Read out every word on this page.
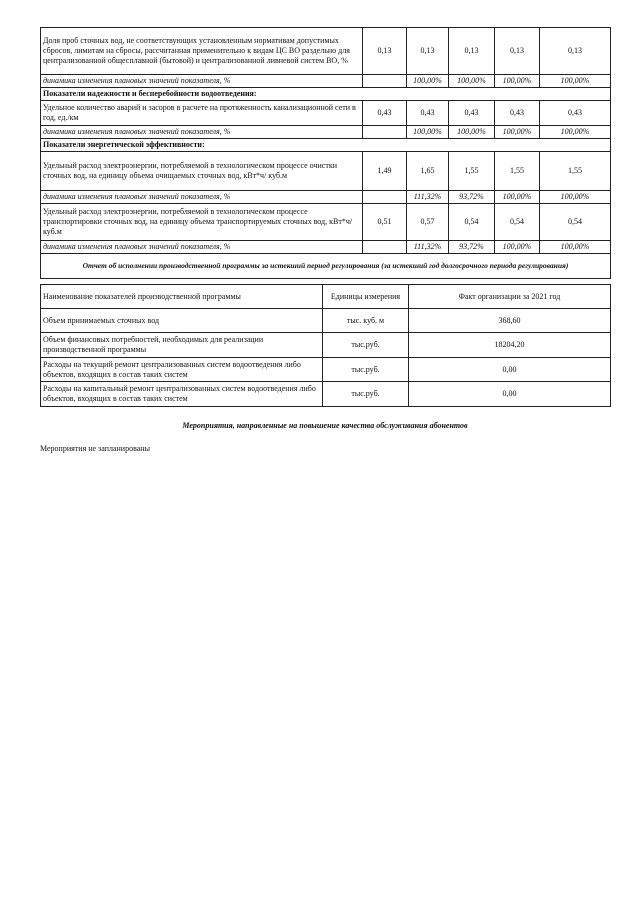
Доля проб сточных вод, не соответствующих установленным нормативам допустимых сбросов, лимитам на сбросы, рассчитанная применительно к видам ЦС ВО раздельно для централизованной общесплавной (бытовой) и централизованной ливневой систем ВО, %	0,13	0,13	0,13	0,13	0,13
динамика изменения плановых значений показателя, %		100,00%	100,00%	100,00%	100,00%
Показатели надежности и бесперебойности водоотведения:					
Удельное количество аварий и засоров в расчете на протяженность канализационной сети в год, ед./км	0,43	0,43	0,43	0,43	0,43
динамика изменения плановых значений показателя, %		100,00%	100,00%	100,00%	100,00%
Показатели энергетической эффективности:					
Удельный расход электроэнергии, потребляемой в технологическом процессе очистки сточных вод, на единицу объема очищаемых сточных вод, кВт*ч/ куб.м	1,49	1,65	1,55	1,55	1,55
динамика изменения плановых значений показателя, %		111,32%	93,72%	100,00%	100,00%
Удельный расход электроэнергии, потребляемой в технологическом процессе транспортировки сточных вод, на единицу объема транспортируемых сточных вод, кВт*ч/ куб.м	0,51	0,57	0,54	0,54	0,54
динамика изменения плановых значений показателя, %		111,32%	93,72%	100,00%	100,00%
Отчет об исполнении производственной программы за истекший период регулирования (за истекший год долгосрочного периода регулирования)					
Наименование показателей производственной программы	Единицы измерения	Факт организации за 2021 год
Объем принимаемых сточных вод	тыс. куб. м	368,60
Объем финансовых потребностей, необходимых для реализации производственной программы	тыс.руб.	18204,20
Расходы на текущий ремонт централизованных систем водоотведения либо объектов, входящих в состав таких систем	тыс.руб.	0,00
Расходы на капитальный ремонт централизованных систем водоотведения либо объектов, входящих в состав таких систем	тыс.руб.	0,00
Мероприятия, направленные на повышение качества обслуживания абонентов
Мероприятия не запланированы
